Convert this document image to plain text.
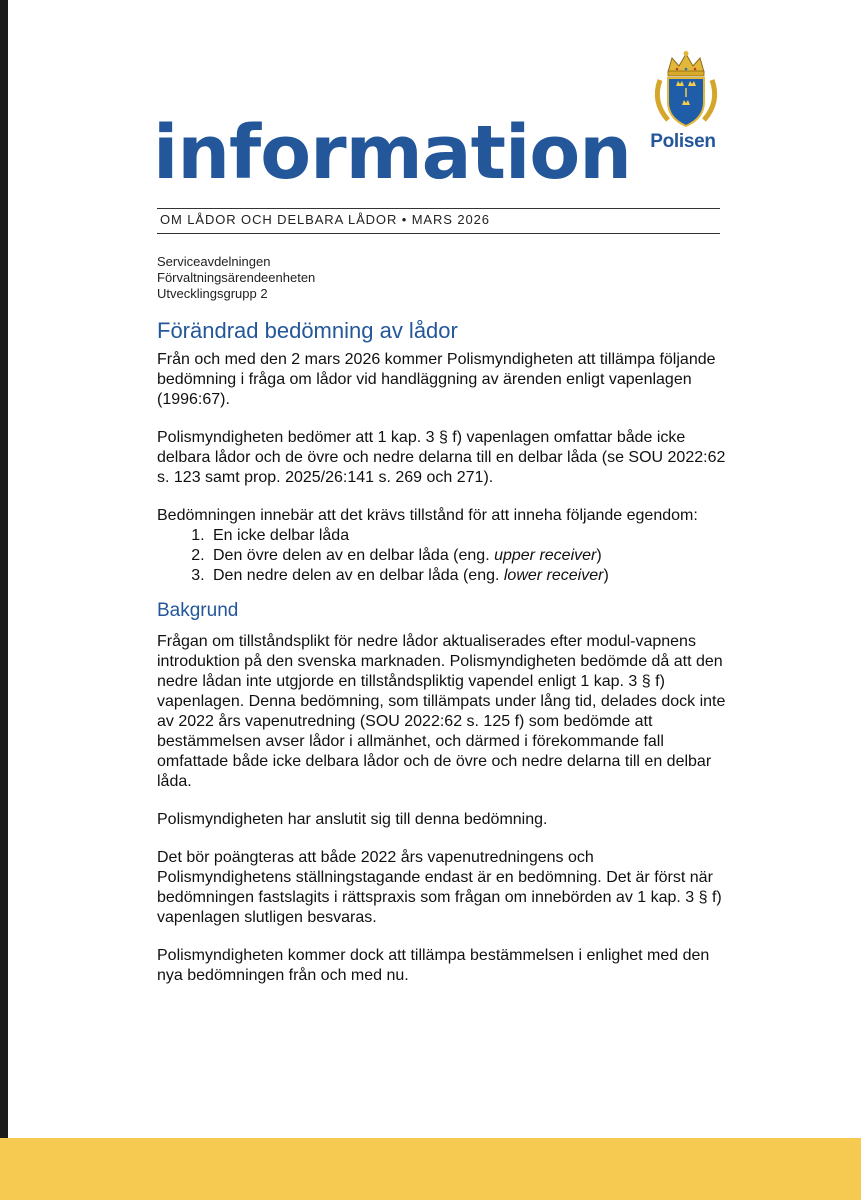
information	Polisen
OM LÅDOR OCH DELBARA LÅDOR • MARS 2026
Serviceavdelningen
Förvaltningsärendeenheten
Utvecklingsgrupp 2
Förändrad bedömning av lådor

Från och med den 2 mars 2026 kommer Polismyndigheten att tillämpa följande bedömning i fråga om lådor vid handläggning av ärenden enligt vapenlagen (1996:67).

Polismyndigheten bedömer att 1 kap. 3 § f) vapenlagen omfattar både icke delbara lådor och de övre och nedre delarna till en delbar låda (se SOU 2022:62 s. 123 samt prop. 2025/26:141 s. 269 och 271).

Bedömningen innebär att det krävs tillstånd för att inneha följande egendom:

1. En icke delbar låda
2. Den övre delen av en delbar låda (eng. upper receiver)
3. Den nedre delen av en delbar låda (eng. lower receiver)
Bakgrund

Frågan om tillståndsplikt för nedre lådor aktualiserades efter modul-vapnens introduktion på den svenska marknaden. Polismyndigheten bedömde då att den nedre lådan inte utgjorde en tillståndspliktig vapendel enligt 1 kap. 3 § f) vapenlagen. Denna bedömning, som tillämpats under lång tid, delades dock inte av 2022 års vapenutredning (SOU 2022:62 s. 125 f) som bedömde att bestämmelsen avser lådor i allmänhet, och därmed i förekommande fall omfattade både icke delbara lådor och de övre och nedre delarna till en delbar låda.

Polismyndigheten har anslutit sig till denna bedömning.

Det bör poängteras att både 2022 års vapenutredningens och Polismyndighetens ställningstagande endast är en bedömning. Det är först när bedömningen fastslagits i rättspraxis som frågan om innebörden av 1 kap. 3 § f) vapenlagen slutligen besvaras.

Polismyndigheten kommer dock att tillämpa bestämmelsen i enlighet med den nya bedömningen från och med nu.
